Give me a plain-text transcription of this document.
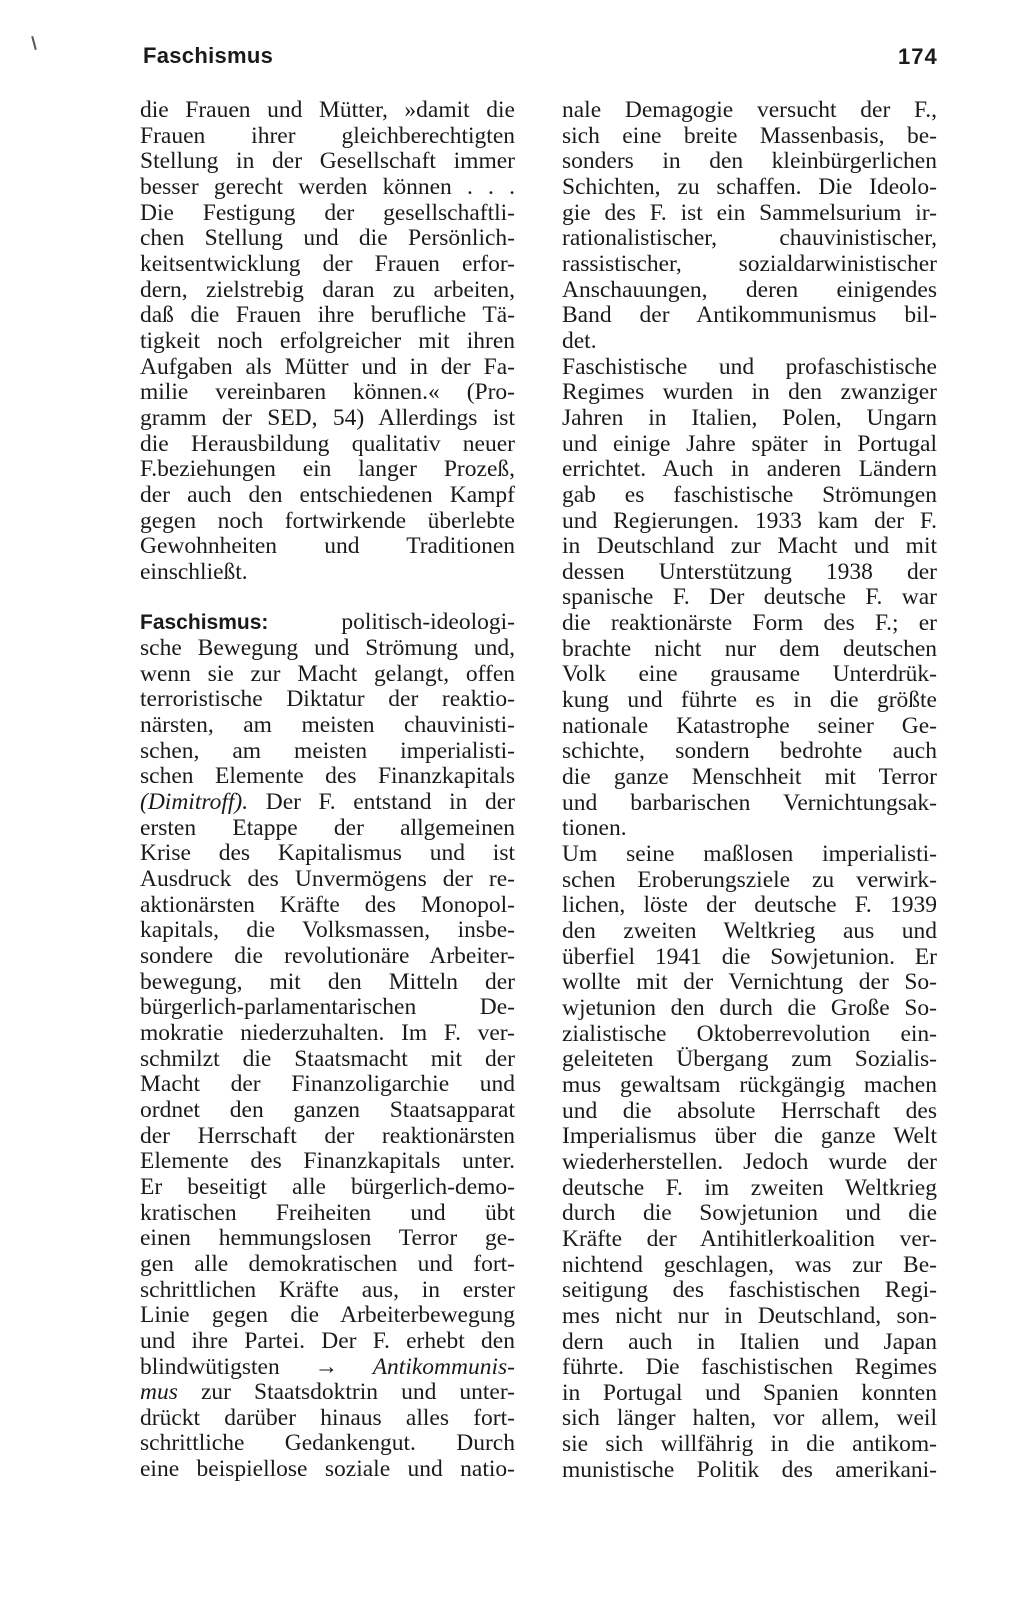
Faschismus	174

die Frauen und Mütter, »damit die
Frauen ihrer gleichberechtigten
Stellung in der Gesellschaft immer
besser gerecht werden können . . .
Die Festigung der gesellschaftli-
chen Stellung und die Persönlich-
keitsentwicklung der Frauen erfor-
dern, zielstrebig daran zu arbeiten,
daß die Frauen ihre berufliche Tä-
tigkeit noch erfolgreicher mit ihren
Aufgaben als Mütter und in der Fa-
milie vereinbaren können.« (Pro-
gramm der SED, 54) Allerdings ist
die Herausbildung qualitativ neuer
F.beziehungen ein langer Prozeß,
der auch den entschiedenen Kampf
gegen noch fortwirkende überlebte
Gewohnheiten und Traditionen
einschließt.

Faschismus:	politisch-ideologi-
sche Bewegung und Strömung und,
wenn sie zur Macht gelangt, offen
terroristische Diktatur der reaktio-
närsten, am meisten chauvinisti-
schen, am meisten imperialisti-
schen Elemente des Finanzkapitals
(Dimitroff). Der F. entstand in der
ersten Etappe der allgemeinen
Krise des Kapitalismus und ist
Ausdruck des Unvermögens der re-
aktionärsten Kräfte des Monopol-
kapitals, die Volksmassen, insbe-
sondere die revolutionäre Arbeiter-
bewegung, mit den Mitteln der
bürgerlich-parlamentarischen De-
mokratie niederzuhalten. Im F. ver-
schmilzt die Staatsmacht mit der
Macht der Finanzoligarchie und
ordnet den ganzen Staatsapparat
der Herrschaft der reaktionärsten
Elemente des Finanzkapitals unter.
Er beseitigt alle bürgerlich-demo-
kratischen Freiheiten und übt
einen hemmungslosen Terror ge-
gen alle demokratischen und fort-
schrittlichen Kräfte aus, in erster
Linie gegen die Arbeiterbewegung
und ihre Partei. Der F. erhebt den
blindwütigsten → Antikommunis-
mus zur Staatsdoktrin und unter-
drückt darüber hinaus alles fort-
schrittliche Gedankengut. Durch
eine beispiellose soziale und natio-

nale Demagogie versucht der F.,
sich eine breite Massenbasis, be-
sonders in den kleinbürgerlichen
Schichten, zu schaffen. Die Ideolo-
gie des F. ist ein Sammelsurium ir-
rationalistischer, chauvinistischer,
rassistischer, sozialdarwinistischer
Anschauungen, deren einigendes
Band der Antikommunismus bil-
det.

Faschistische und profaschistische
Regimes wurden in den zwanziger
Jahren in Italien, Polen, Ungarn
und einige Jahre später in Portugal
errichtet. Auch in anderen Ländern
gab es faschistische Strömungen
und Regierungen. 1933 kam der F.
in Deutschland zur Macht und mit
dessen Unterstützung 1938 der
spanische F. Der deutsche F. war
die reaktionärste Form des F.; er
brachte nicht nur dem deutschen
Volk eine grausame Unterdrük-
kung und führte es in die größte
nationale Katastrophe seiner Ge-
schichte, sondern bedrohte auch
die ganze Menschheit mit Terror
und barbarischen Vernichtungsak-
tionen.

Um seine maßlosen imperialisti-
schen Eroberungsziele zu verwirk-
lichen, löste der deutsche F. 1939
den zweiten Weltkrieg aus und
überfiel 1941 die Sowjetunion. Er
wollte mit der Vernichtung der So-
wjetunion den durch die Große So-
zialistische Oktoberrevolution ein-
geleiteten Übergang zum Sozialis-
mus gewaltsam rückgängig machen
und die absolute Herrschaft des
Imperialismus über die ganze Welt
wiederherstellen. Jedoch wurde der
deutsche F. im zweiten Weltkrieg
durch die Sowjetunion und die
Kräfte der Antihitlerkoalition ver-
nichtend geschlagen, was zur Be-
seitigung des faschistischen Regi-
mes nicht nur in Deutschland, son-
dern auch in Italien und Japan
führte. Die faschistischen Regimes
in Portugal und Spanien konnten
sich länger halten, vor allem, weil
sie sich willfährig in die antikom-
munistische Politik des amerikani-
